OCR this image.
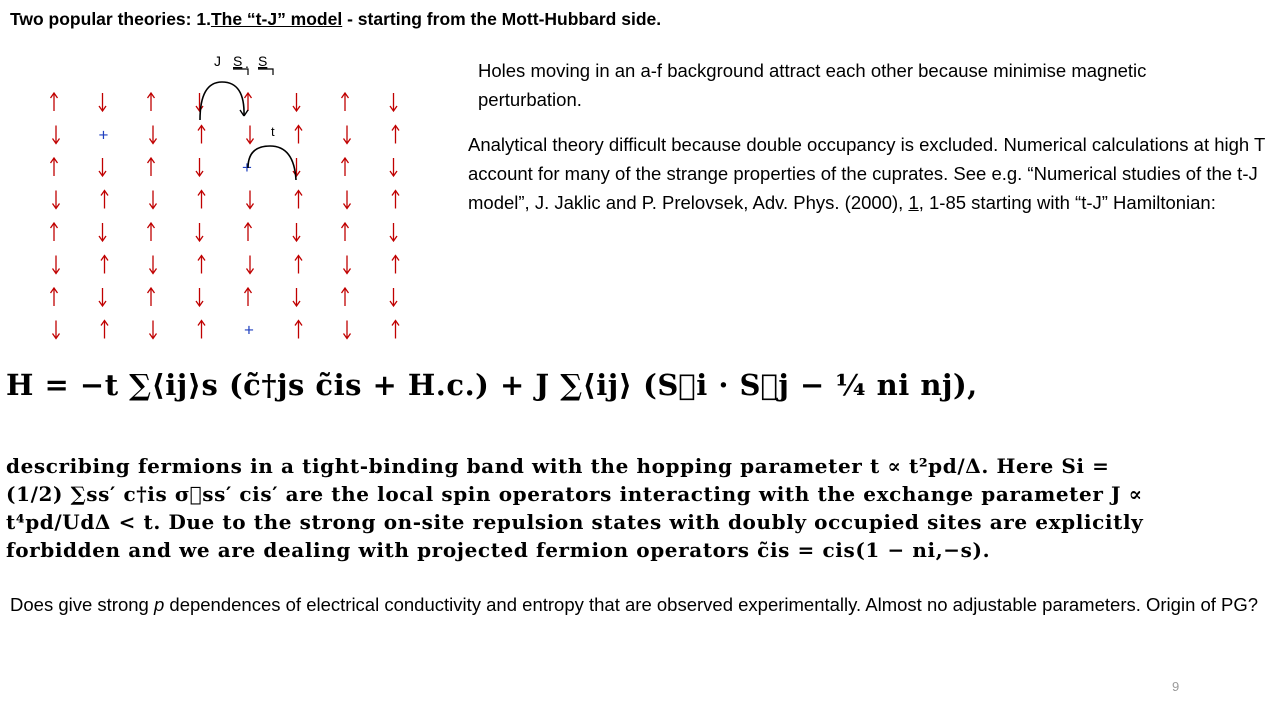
Two popular theories: 1.The “t-J” model - starting from the Mott-Hubbard side.
+
+
+
J S . S
t
Holes moving in an a-f background attract each other because minimise magnetic perturbation.
Analytical theory difficult because double occupancy is excluded. Numerical calculations at high T account for many of the strange properties of the cuprates. See e.g. “Numerical studies of the t-J model”, J. Jaklic and P. Prelovsek, Adv. Phys. (2000), 1, 1-85 starting with “t-J” Hamiltonian:
H = −t ∑⟨ij⟩s (c̃†js c̃is + H.c.) + J ∑⟨ij⟩ (S⃗i · S⃗j − ¼ ni nj),
describing fermions in a tight-binding band with the hopping parameter t ∝ t²pd/Δ. Here Si =
(1/2) ∑ss′ c†is σ⃗ss′ cis′ are the local spin operators interacting with the exchange parameter J ∝
t⁴pd/UdΔ < t. Due to the strong on-site repulsion states with doubly occupied sites are explicitly
forbidden and we are dealing with projected fermion operators c̃is = cis(1 − ni,−s).
Does give strong p dependences of electrical conductivity and entropy that are observed experimentally. Almost no adjustable parameters. Origin of PG?
9
